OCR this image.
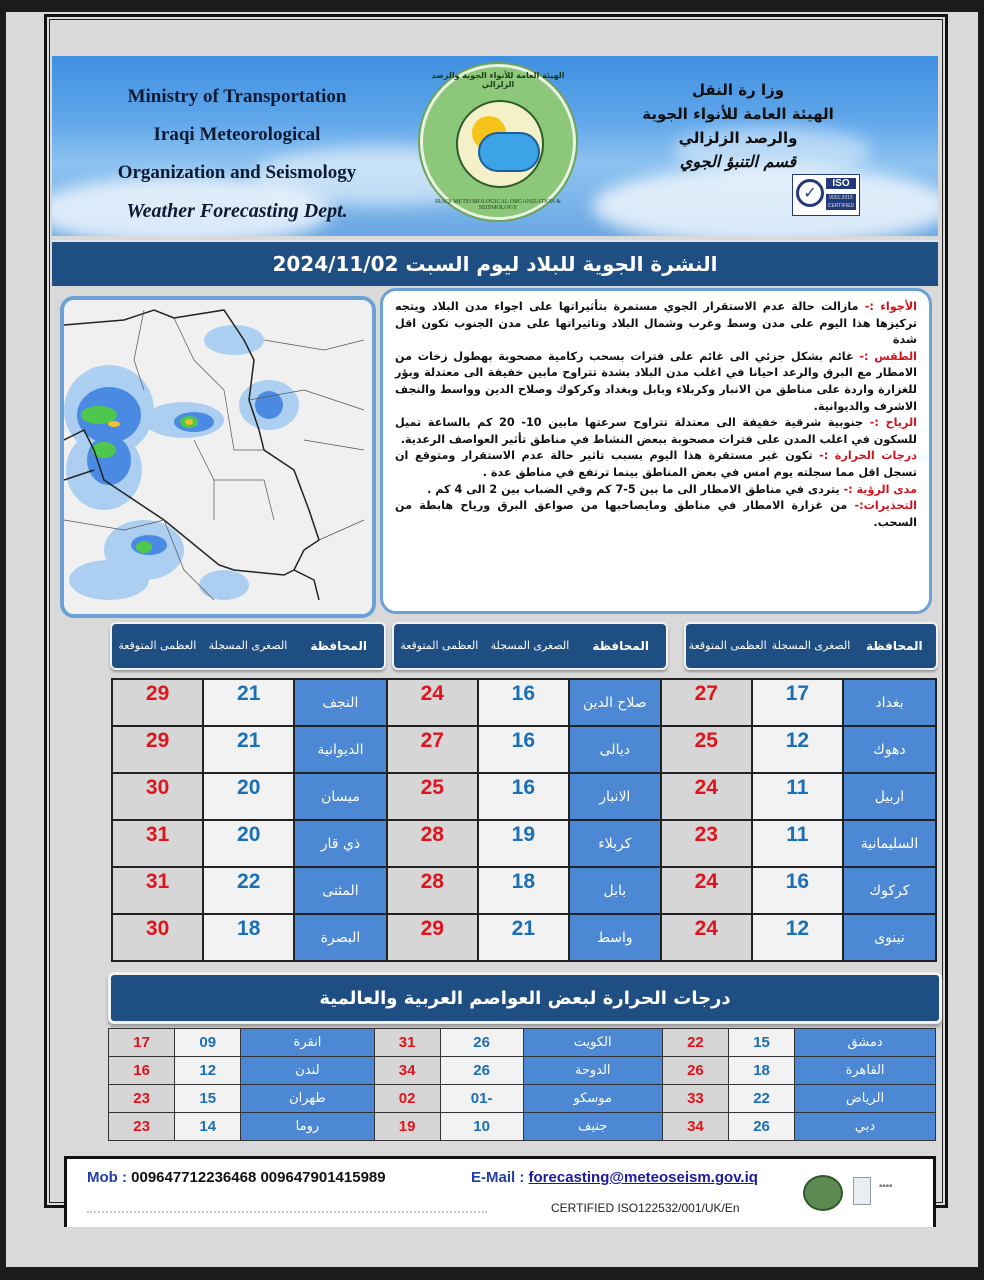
Ministry of Transportation
Iraqi Meteorological
Organization and Seismology
Weather Forecasting Dept.
الهيئة العامة للأنواء الجوية والرصد الزلزالي
IRAQI METEOROLOGICAL ORGANIZATION & SEISMOLOGY
وزا رة النقل
الهيئة العامة للأنواء الجوية
والرصد الزلزالي
قسم التنبؤ الجوي
✓	ISO
9001:2015
CERTIFIED
النشرة الجوية للبلاد ليوم السبت 2024/11/02

الأجواء :- مازالت حالة عدم الاستقرار الجوي مستمرة بتأثيراتها على اجواء مدن البلاد ويتجه تركيزها هذا اليوم على مدن وسط وغرب وشمال البلاد وتاثيراتها على مدن الجنوب تكون اقل شدة

الطقس :- غائم بشكل جزئي الى غائم على فترات بسحب ركامية مصحوبة بهطول زخات من الامطار مع البرق والرعد احيانا في اغلب مدن البلاد بشدة تتراوح مابين خفيفة الى معتدلة وبؤر للغزارة واردة على مناطق من الانبار وكربلاء وبابل وبغداد وكركوك وصلاح الدين وواسط والنجف الاشرف والديوانية.

الرياح :- جنوبية شرقية خفيفة الى معتدلة تتراوح سرعتها مابين 10- 20 كم بالساعة تميل للسكون في اغلب المدن على فترات مصحوبة ببعض النشاط في مناطق تأثير العواصف الرعدية.

درجات الحرارة :- تكون غير مستقرة هذا اليوم بسبب تاثير حالة عدم الاستقرار ومتوقع ان تسجل اقل مما سجلته يوم امس في بعض المناطق بينما ترتفع في مناطق عدة .

مدى الرؤية :- يتردى في مناطق الامطار الى ما بين 5-7 كم وفي الضباب بين 2 الى 4 كم .

التحذيرات:- من غزارة الامطار في مناطق ومايصاحبها من صواعق البرق ورياح هابطة من السحب.

المحافظة
الصغرى المسجلة
العظمى المتوقعة
المحافظة
الصغرى المسجلة
العظمى المتوقعة
المحافظة
الصغرى المسجلة
العظمى المتوقعة
بغداد	17	27	صلاح الدين	16	24	النجف	21	29
دهوك	12	25	ديالى	16	27	الديوانية	21	29
اربيل	11	24	الانبار	16	25	ميسان	20	30
السليمانية	11	23	كربلاء	19	28	ذي قار	20	31
كركوك	16	24	بابل	18	28	المثنى	22	31
نينوى	12	24	واسط	21	29	البصرة	18	30
درجات الحرارة لبعض العواصم العربية والعالمية
دمشق	15	22	الكويت	26	31	انقرة	09	17
القاهرة	18	26	الدوحة	26	34	لندن	12	16
الرياض	22	33	موسكو	-01	02	طهران	15	23
دبي	26	34	جنيف	10	19	روما	14	23
Mob : 009647712236468 009647901415989	E-Mail : forecasting@meteoseism.gov.iq
CERTIFIED ISO122532/001/UK/En
▪▪▪▪
